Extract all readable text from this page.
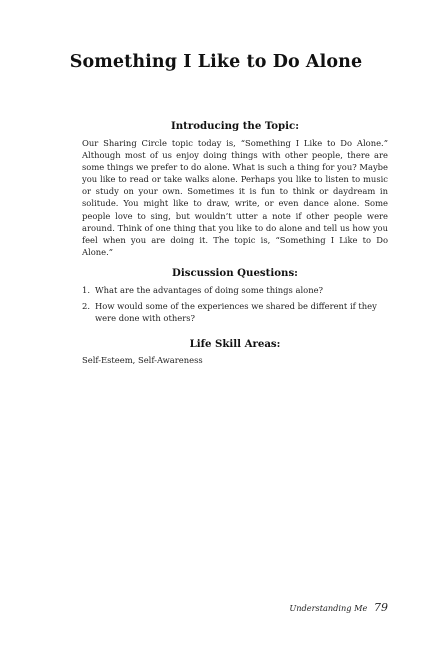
Something I Like to Do Alone
Introducing the Topic:

Our Sharing Circle topic today is, “Something I Like to Do Alone.” Although most of us enjoy doing things with other people, there are some things we prefer to do alone. What is such a thing for you? Maybe you like to read or take walks alone. Perhaps you like to listen to music or study on your own. Sometimes it is fun to think or daydream in solitude. You might like to draw, write, or even dance alone. Some people love to sing, but wouldn’t utter a note if other people were around. Think of one thing that you like to do alone and tell us how you feel when you are doing it. The topic is, “Something I Like to Do Alone.”

Discussion Questions:
1. What are the advantages of doing some things alone?
2. How would some of the experiences we shared be different if they were done with others?
Life Skill Areas:

Self-Esteem, Self-Awareness

Understanding Me 79
